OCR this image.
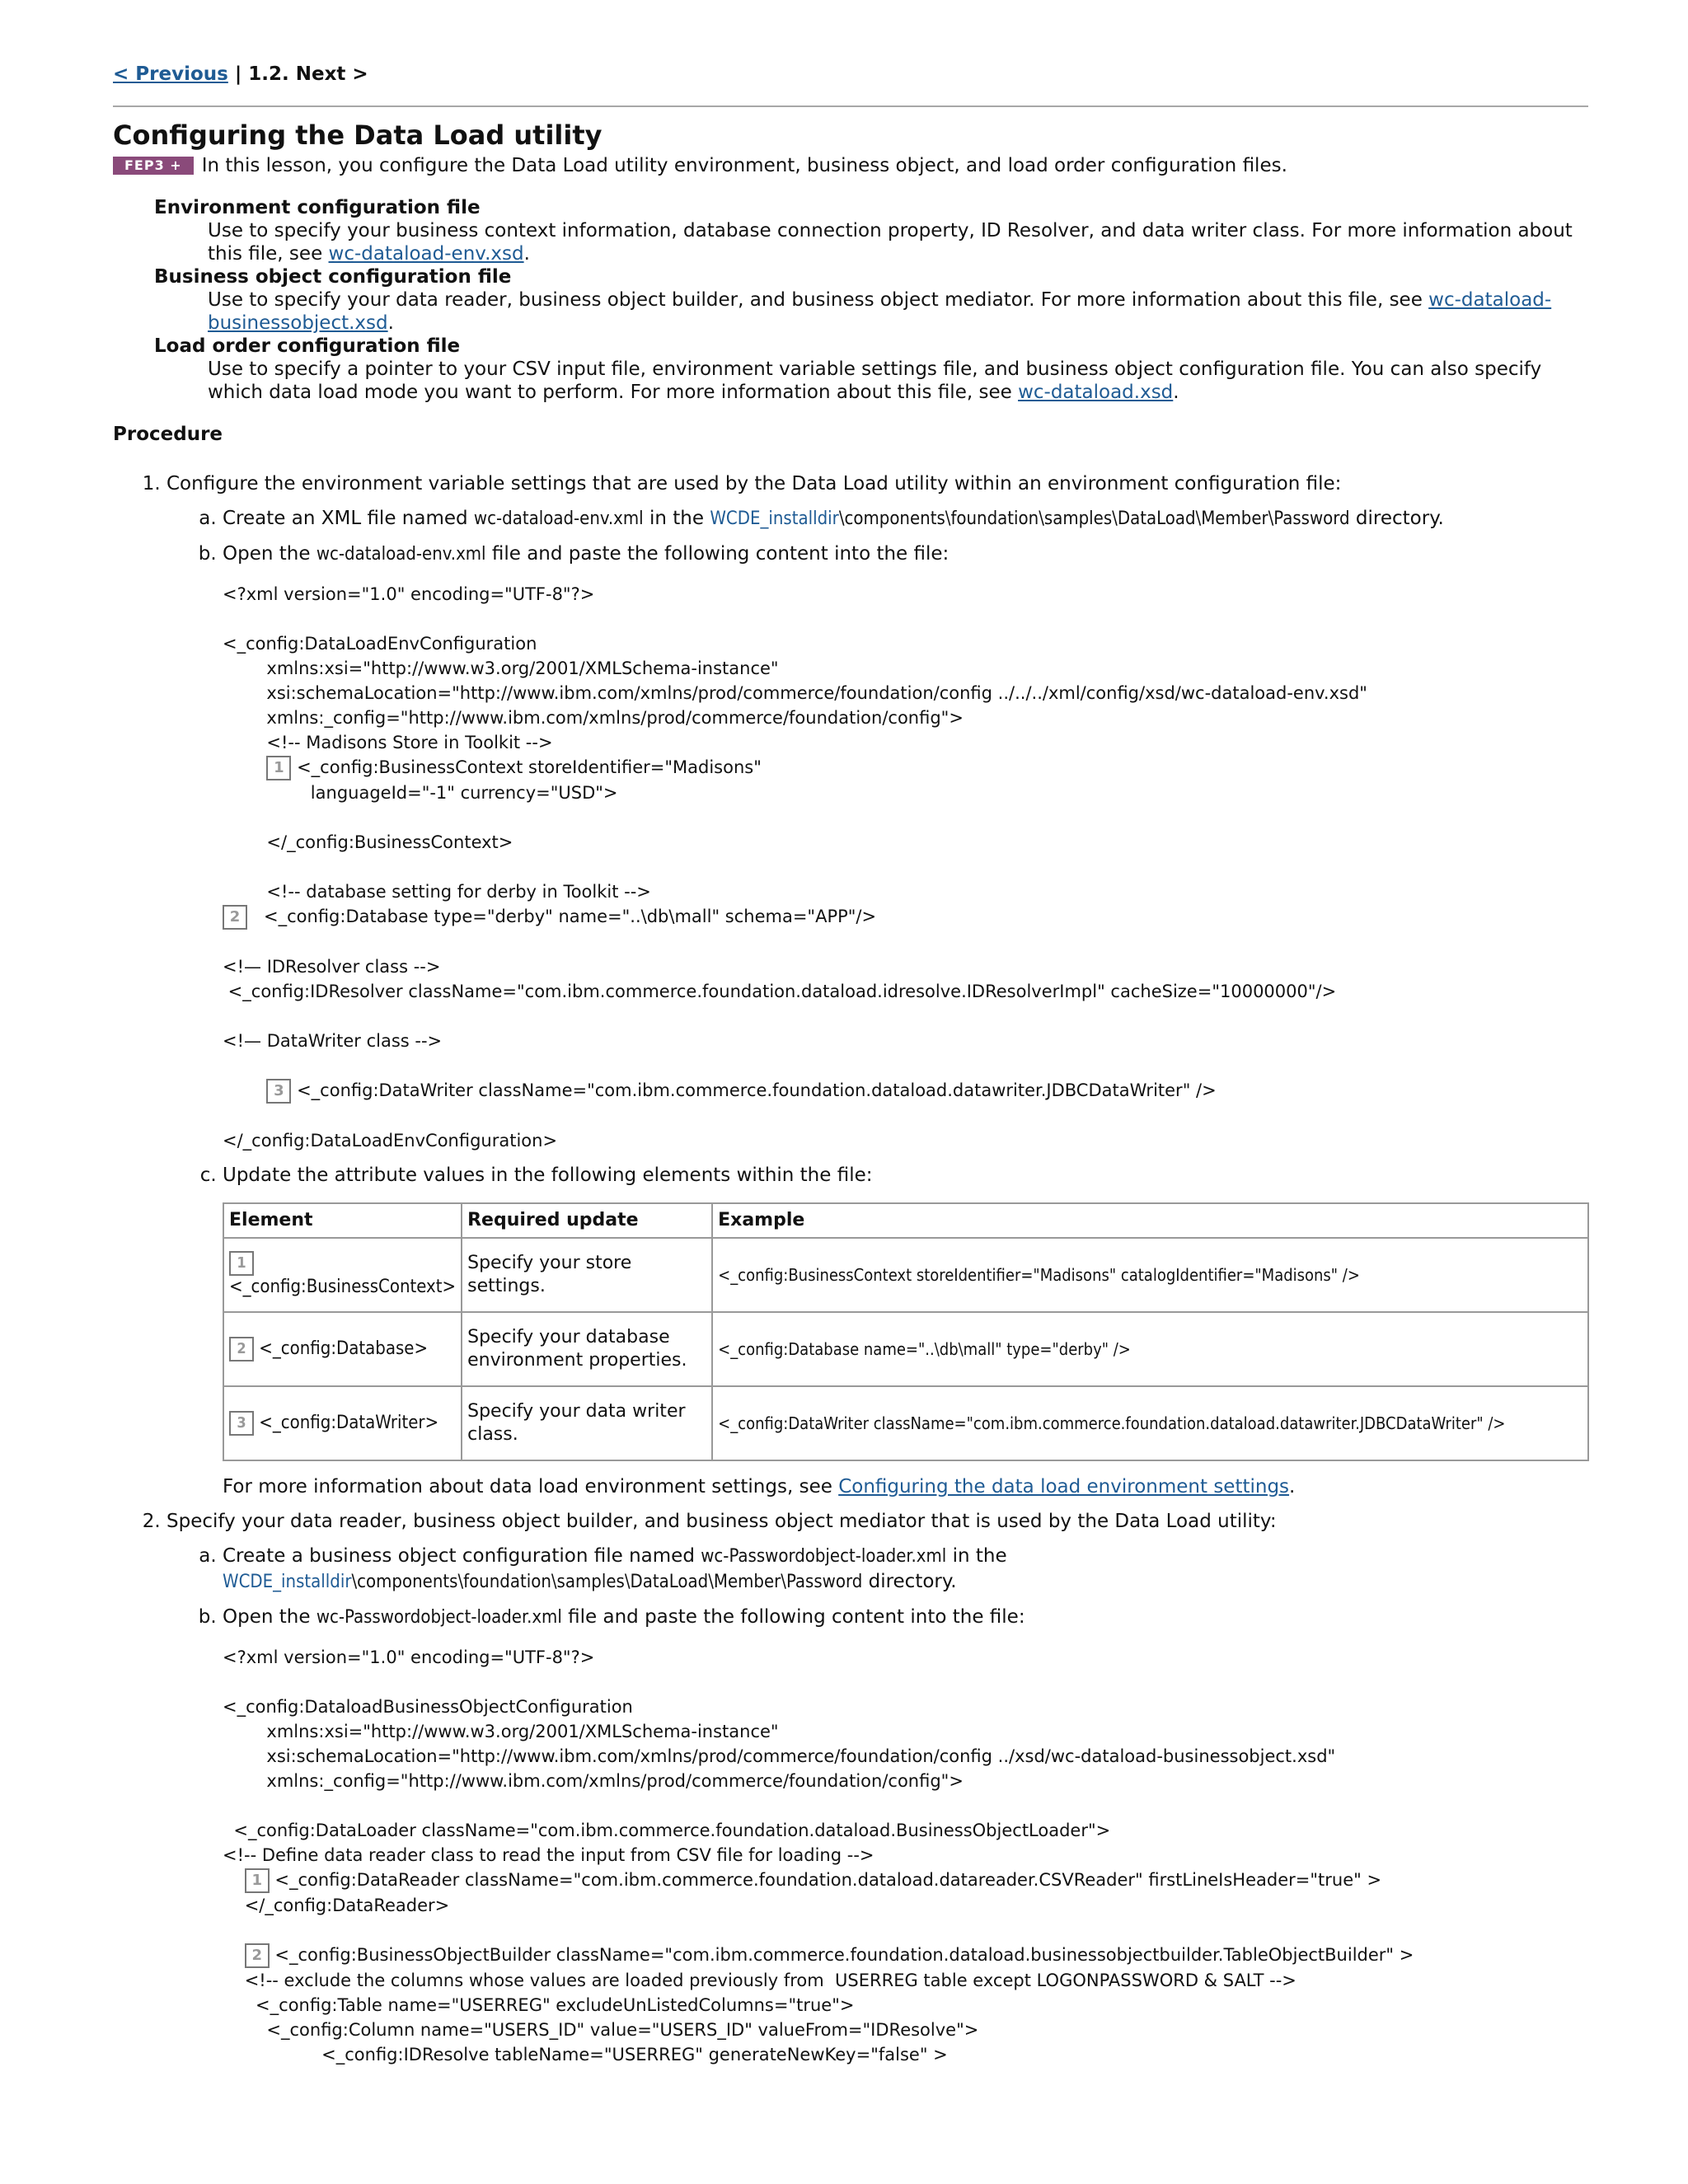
< Previous | 1.2. Next >
Configuring the Data Load utility
FEP3 + In this lesson, you configure the Data Load utility environment, business object, and load order configuration files.
Environment configuration file
Use to specify your business context information, database connection property, ID Resolver, and data writer class. For more information about this file, see wc-dataload-env.xsd.
Business object configuration file
Use to specify your data reader, business object builder, and business object mediator. For more information about this file, see wc-dataload-businessobject.xsd.
Load order configuration file
Use to specify a pointer to your CSV input file, environment variable settings file, and business object configuration file. You can also specify which data load mode you want to perform. For more information about this file, see wc-dataload.xsd.
Procedure
1. Configure the environment variable settings that are used by the Data Load utility within an environment configuration file:
a. Create an XML file named wc-dataload-env.xml in the WCDE_installdir\components\foundation\samples\DataLoad\Member\Password directory.
b. Open the wc-dataload-env.xml file and paste the following content into the file:
<?xml version="1.0" encoding="UTF-8"?>

<_config:DataLoadEnvConfiguration
xmlns:xsi="http://www.w3.org/2001/XMLSchema-instance"
xsi:schemaLocation="http://www.ibm.com/xmlns/prod/commerce/foundation/config ../../../xml/config/xsd/wc-dataload-env.xsd"
xmlns:_config="http://www.ibm.com/xmlns/prod/commerce/foundation/config">
<!-- Madisons Store in Toolkit -->
1 <_config:BusinessContext storeIdentifier="Madisons"
languageId="-1" currency="USD">

</_config:BusinessContext>

<!-- database setting for derby in Toolkit -->
2   <_config:Database type="derby" name="..\db\mall" schema="APP"/>

<!— IDResolver class -->
<_config:IDResolver className="com.ibm.commerce.foundation.dataload.idresolve.IDResolverImpl" cacheSize="10000000"/>

<!— DataWriter class -->

3 <_config:DataWriter className="com.ibm.commerce.foundation.dataload.datawriter.JDBCDataWriter" />

</_config:DataLoadEnvConfiguration>
c. Update the attribute values in the following elements within the file:
Element	Required update	Example
1
<_config:BusinessContext>	Specify your store settings.	<_config:BusinessContext storeIdentifier="Madisons" catalogIdentifier="Madisons" />
2 <_config:Database>	Specify your database environment properties.	<_config:Database name="..\db\mall" type="derby" />
3 <_config:DataWriter>	Specify your data writer class.	<_config:DataWriter className="com.ibm.commerce.foundation.dataload.datawriter.JDBCDataWriter" />
For more information about data load environment settings, see Configuring the data load environment settings.
2. Specify your data reader, business object builder, and business object mediator that is used by the Data Load utility:
a. Create a business object configuration file named wc-Passwordobject-loader.xml in the
WCDE_installdir\components\foundation\samples\DataLoad\Member\Password directory.
b. Open the wc-Passwordobject-loader.xml file and paste the following content into the file:
<?xml version="1.0" encoding="UTF-8"?>

<_config:DataloadBusinessObjectConfiguration
xmlns:xsi="http://www.w3.org/2001/XMLSchema-instance"
xsi:schemaLocation="http://www.ibm.com/xmlns/prod/commerce/foundation/config ../xsd/wc-dataload-businessobject.xsd"
xmlns:_config="http://www.ibm.com/xmlns/prod/commerce/foundation/config">

<_config:DataLoader className="com.ibm.commerce.foundation.dataload.BusinessObjectLoader">
<!-- Define data reader class to read the input from CSV file for loading -->
1 <_config:DataReader className="com.ibm.commerce.foundation.dataload.datareader.CSVReader" firstLineIsHeader="true" >
</_config:DataReader>

2 <_config:BusinessObjectBuilder className="com.ibm.commerce.foundation.dataload.businessobjectbuilder.TableObjectBuilder" >
<!-- exclude the columns whose values are loaded previously from  USERREG table except LOGONPASSWORD & SALT -->
<_config:Table name="USERREG" excludeUnListedColumns="true">
<_config:Column name="USERS_ID" value="USERS_ID" valueFrom="IDResolve">
<_config:IDResolve tableName="USERREG" generateNewKey="false" >
